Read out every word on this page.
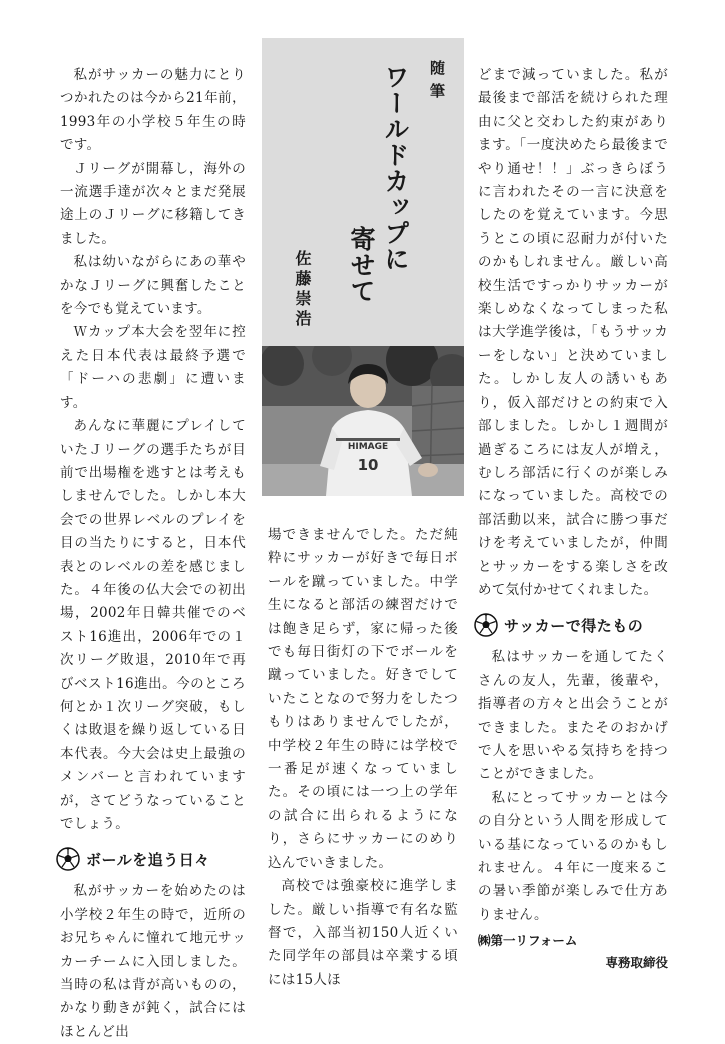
私がサッカーの魅力にとりつかれたのは今から21年前，1993年の小学校５年生の時です。

Ｊリーグが開幕し，海外の一流選手達が次々とまだ発展途上のＪリーグに移籍してきました。

私は幼いながらにあの華やかなＪリーグに興奮したことを今でも覚えています。

Ｗカップ本大会を翌年に控えた日本代表は最終予選で「ドーハの悲劇」に遭います。

あんなに華麗にプレイしていたＪリーグの選手たちが目前で出場権を逃すとは考えもしませんでした。しかし本大会での世界レベルのプレイを目の当たりにすると，日本代表とのレベルの差を感じました。４年後の仏大会での初出場，2002年日韓共催でのベスト16進出，2006年での１次リーグ敗退，2010年で再びベスト16進出。今のところ何とか１次リーグ突破，もしくは敗退を繰り返している日本代表。今大会は史上最強のメンバーと言われていますが，さてどうなっていることでしょう。

ボールを追う日々

私がサッカーを始めたのは小学校２年生の時で，近所のお兄ちゃんに憧れて地元サッカーチームに入団しました。当時の私は背が高いものの，かなり動きが鈍く，試合にはほとんど出

随筆
ワールドカップに
寄せて
佐藤崇浩
HIMAGE
10

場できませんでした。ただ純粋にサッカーが好きで毎日ボールを蹴っていました。中学生になると部活の練習だけでは飽き足らず，家に帰った後でも毎日街灯の下でボールを蹴っていました。好きでしていたことなので努力をしたつもりはありませんでしたが，中学校２年生の時には学校で一番足が速くなっていました。その頃には一つ上の学年の試合に出られるようになり，さらにサッカーにのめり込んでいきました。

高校では強豪校に進学しました。厳しい指導で有名な監督で，入部当初150人近くいた同学年の部員は卒業する頃には15人ほ

どまで減っていました。私が最後まで部活を続けられた理由に父と交わした約束があります。「一度決めたら最後までやり通せ！！」ぶっきらぼうに言われたその一言に決意をしたのを覚えています。今思うとこの頃に忍耐力が付いたのかもしれません。厳しい高校生活ですっかりサッカーが楽しめなくなってしまった私は大学進学後は，「もうサッカーをしない」と決めていました。しかし友人の誘いもあり，仮入部だけとの約束で入部しました。しかし１週間が過ぎるころには友人が増え，むしろ部活に行くのが楽しみになっていました。高校での部活動以来，試合に勝つ事だけを考えていましたが，仲間とサッカーをする楽しさを改めて気付かせてくれました。

サッカーで得たもの

私はサッカーを通してたくさんの友人，先輩，後輩や，指導者の方々と出会うことができました。またそのおかげで人を思いやる気持ちを持つことができました。

私にとってサッカーとは今の自分という人間を形成している基になっているのかもしれません。４年に一度来るこの暑い季節が楽しみで仕方ありません。

㈱第一リフォーム

専務取締役
